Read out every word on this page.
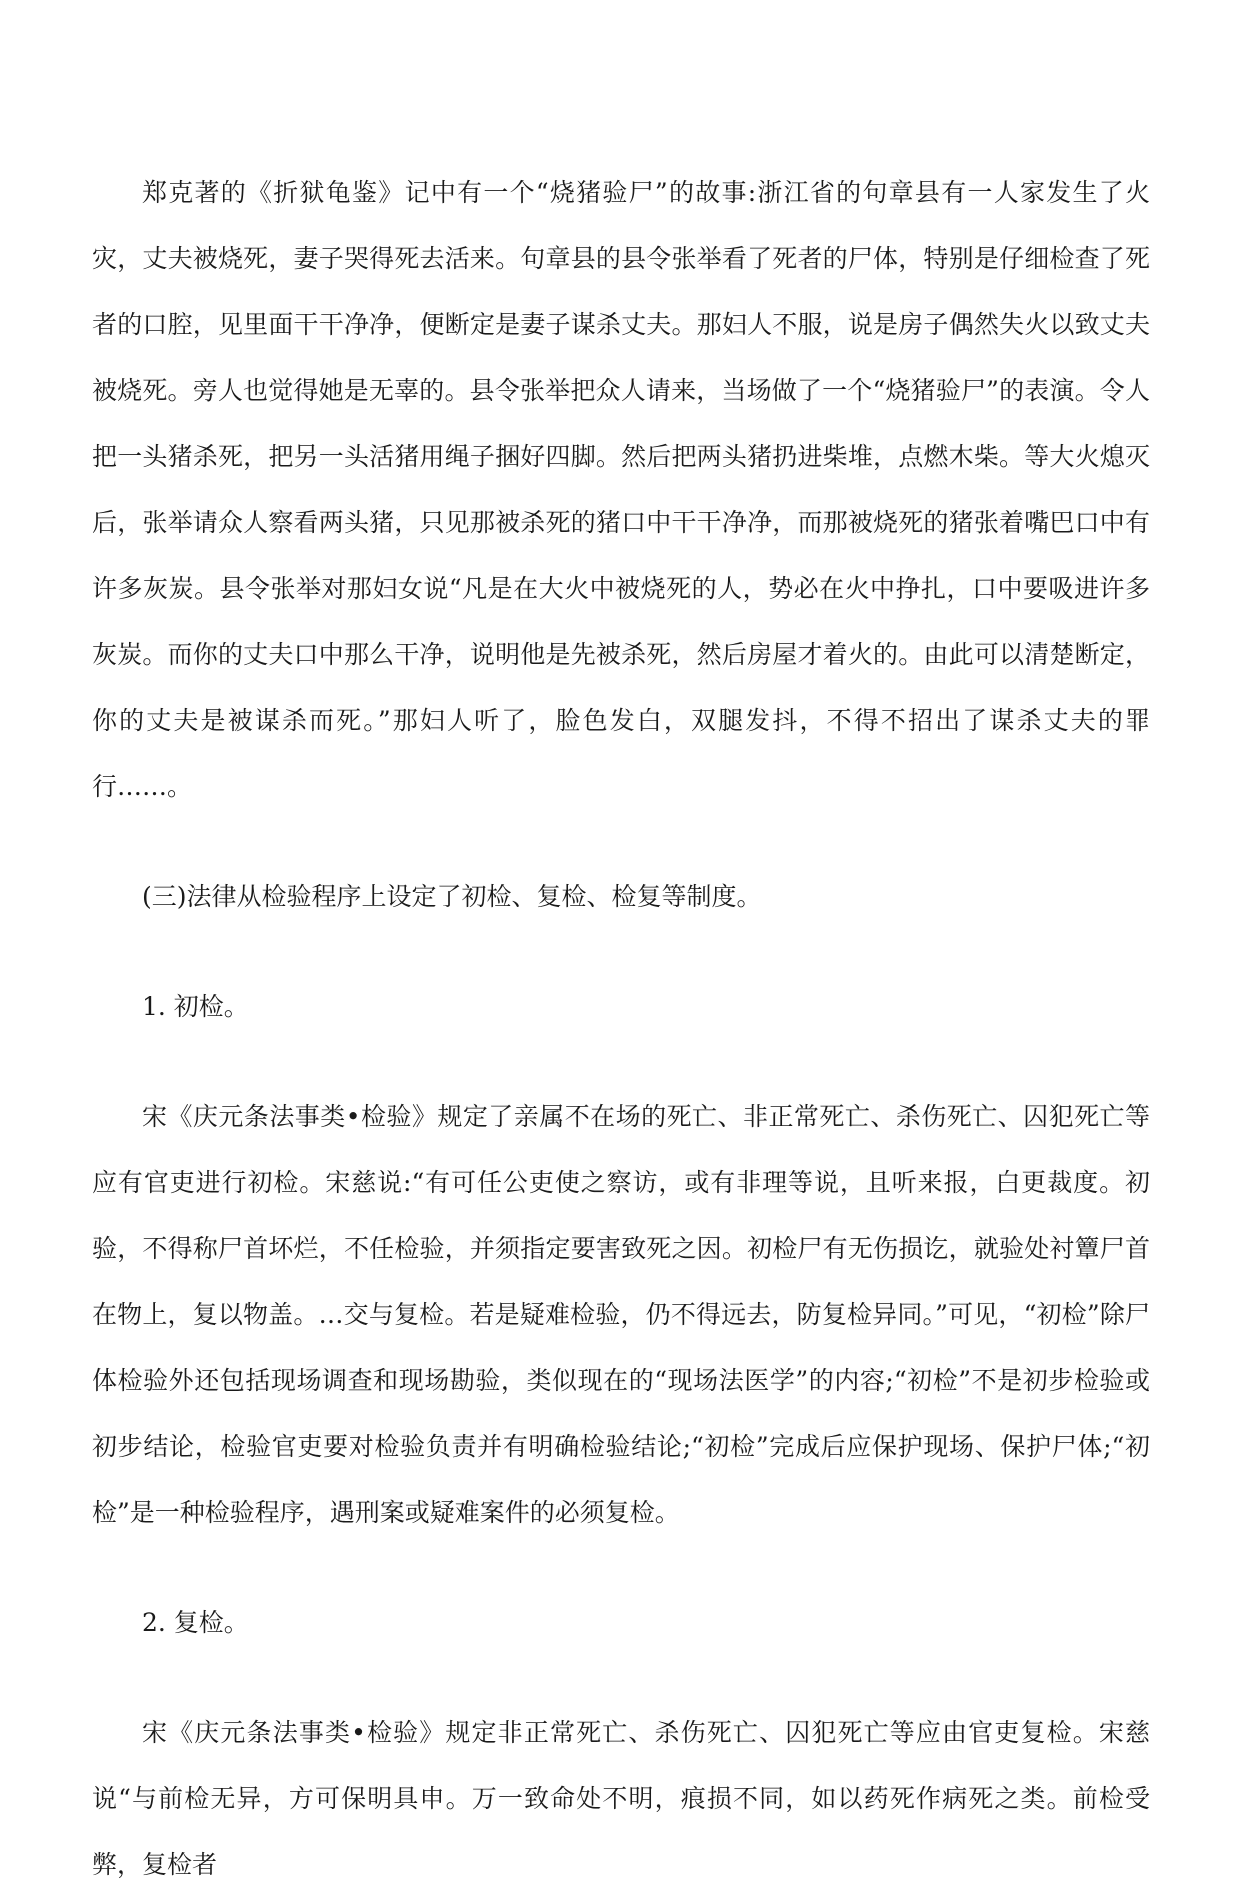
郑克著的《折狱龟鉴》记中有一个“烧猪验尸”的故事:浙江省的句章县有一人家发生了火灾，丈夫被烧死，妻子哭得死去活来。句章县的县令张举看了死者的尸体，特别是仔细检查了死者的口腔，见里面干干净净，便断定是妻子谋杀丈夫。那妇人不服，说是房子偶然失火以致丈夫被烧死。旁人也觉得她是无辜的。县令张举把众人请来，当场做了一个“烧猪验尸”的表演。令人把一头猪杀死，把另一头活猪用绳子捆好四脚。然后把两头猪扔进柴堆，点燃木柴。等大火熄灭后，张举请众人察看两头猪，只见那被杀死的猪口中干干净净，而那被烧死的猪张着嘴巴口中有许多灰炭。县令张举对那妇女说“凡是在大火中被烧死的人，势必在火中挣扎，口中要吸进许多灰炭。而你的丈夫口中那么干净，说明他是先被杀死，然后房屋才着火的。由此可以清楚断定，你的丈夫是被谋杀而死。”那妇人听了，脸色发白，双腿发抖，不得不招出了谋杀丈夫的罪行……。

(三)法律从检验程序上设定了初检、复检、检复等制度。

1. 初检。

宋《庆元条法事类•检验》规定了亲属不在场的死亡、非正常死亡、杀伤死亡、囚犯死亡等应有官吏进行初检。宋慈说:“有可任公吏使之察访，或有非理等说，且听来报，白更裁度。初验，不得称尸首坏烂，不任检验，并须指定要害致死之因。初检尸有无伤损讫，就验处衬簟尸首在物上，复以物盖。…交与复检。若是疑难检验，仍不得远去，防复检异同。”可见，“初检”除尸体检验外还包括现场调查和现场勘验，类似现在的“现场法医学”的内容;“初检”不是初步检验或初步结论，检验官吏要对检验负责并有明确检验结论;“初检”完成后应保护现场、保护尸体;“初检”是一种检验程序，遇刑案或疑难案件的必须复检。

2. 复检。

宋《庆元条法事类•检验》规定非正常死亡、杀伤死亡、囚犯死亡等应由官吏复检。宋慈说“与前检无异，方可保明具申。万一致命处不明，痕损不同，如以药死作病死之类。前检受弊，复检者
